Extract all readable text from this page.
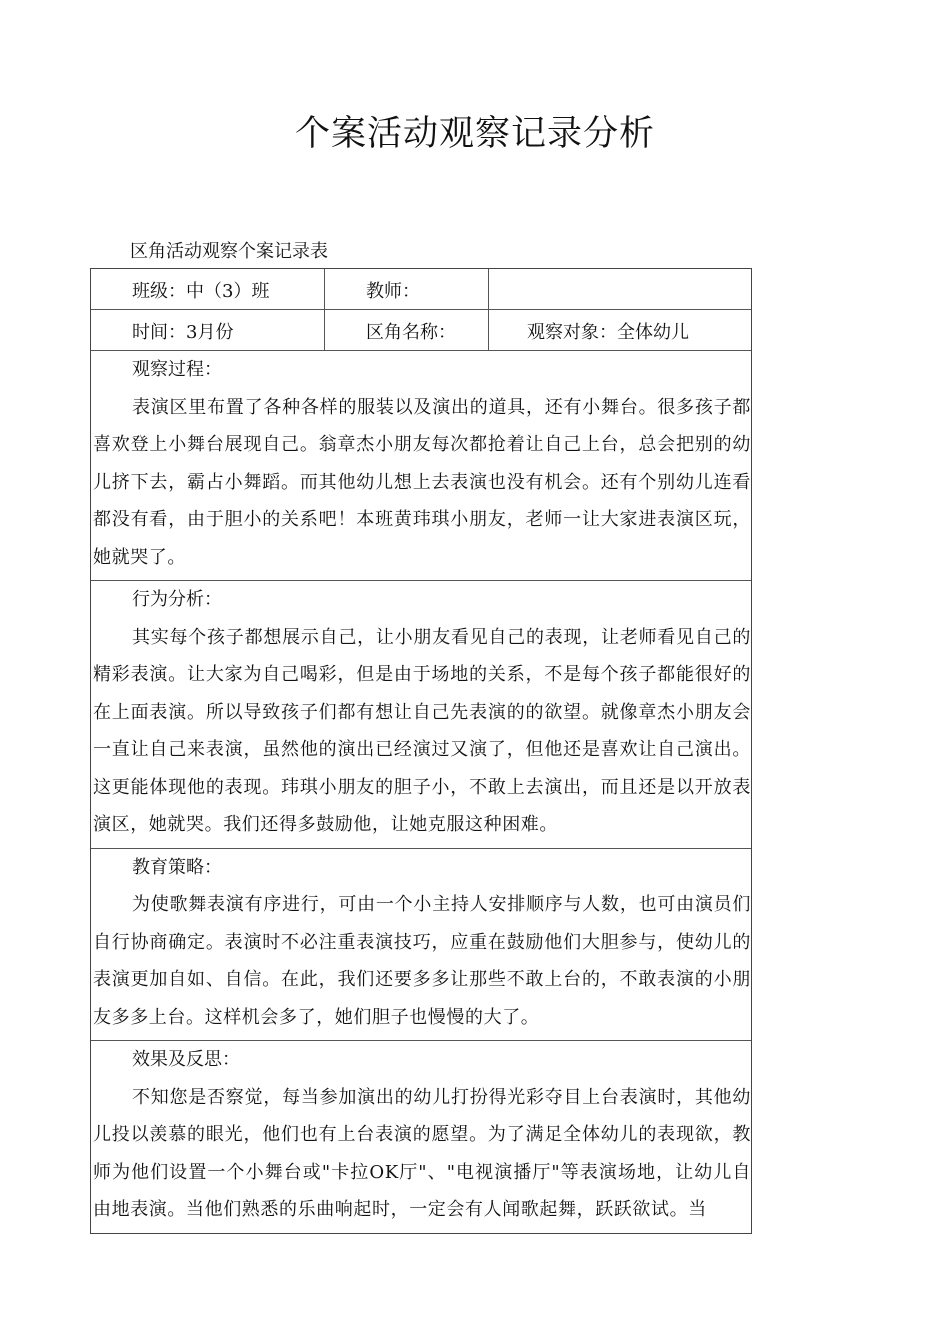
个案活动观察记录分析
区角活动观察个案记录表
班级：中（3）班	教师：
时间：3月份	区角名称：	观察对象：全体幼儿
观察过程：
表演区里布置了各种各样的服装以及演出的道具，还有小舞台。很多孩子都喜欢登上小舞台展现自己。翁章杰小朋友每次都抢着让自己上台，总会把别的幼儿挤下去，霸占小舞蹈。而其他幼儿想上去表演也没有机会。还有个别幼儿连看都没有看，由于胆小的关系吧！本班黄玮琪小朋友，老师一让大家进表演区玩，她就哭了。
行为分析：
其实每个孩子都想展示自己，让小朋友看见自己的表现，让老师看见自己的精彩表演。让大家为自己喝彩，但是由于场地的关系，不是每个孩子都能很好的在上面表演。所以导致孩子们都有想让自己先表演的的欲望。就像章杰小朋友会一直让自己来表演，虽然他的演出已经演过又演了，但他还是喜欢让自己演出。这更能体现他的表现。玮琪小朋友的胆子小，不敢上去演出，而且还是以开放表演区，她就哭。我们还得多鼓励他，让她克服这种困难。
教育策略：
为使歌舞表演有序进行，可由一个小主持人安排顺序与人数，也可由演员们自行协商确定。表演时不必注重表演技巧，应重在鼓励他们大胆参与，使幼儿的表演更加自如、自信。在此，我们还要多多让那些不敢上台的，不敢表演的小朋友多多上台。这样机会多了，她们胆子也慢慢的大了。
效果及反思：
不知您是否察觉，每当参加演出的幼儿打扮得光彩夺目上台表演时，其他幼儿投以羡慕的眼光，他们也有上台表演的愿望。为了满足全体幼儿的表现欲，教师为他们设置一个小舞台或"卡拉OK厅"、"电视演播厅"等表演场地，让幼儿自由地表演。当他们熟悉的乐曲响起时，一定会有人闻歌起舞，跃跃欲试。当
